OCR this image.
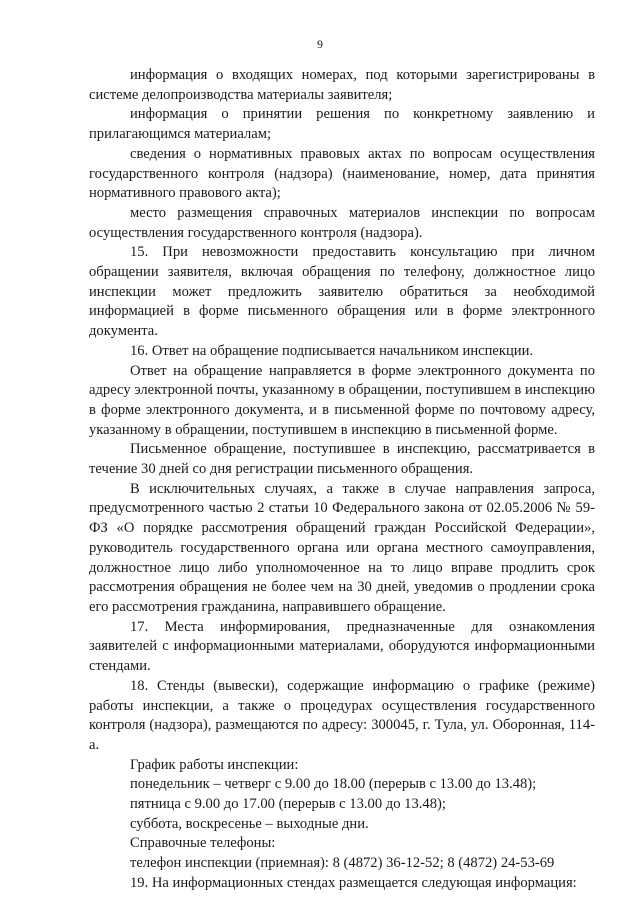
9

информация о входящих номерах, под которыми зарегистрированы в системе делопроизводства материалы заявителя;

информация о принятии решения по конкретному заявлению и прилагающимся материалам;

сведения о нормативных правовых актах по вопросам осуществления государственного контроля (надзора) (наименование, номер, дата принятия нормативного правового акта);

место размещения справочных материалов инспекции по вопросам осуществления государственного контроля (надзора).

15. При невозможности предоставить консультацию при личном обращении заявителя, включая обращения по телефону, должностное лицо инспекции может предложить заявителю обратиться за необходимой информацией в форме письменного обращения или в форме электронного документа.

16. Ответ на обращение подписывается начальником инспекции.

Ответ на обращение направляется в форме электронного документа по адресу электронной почты, указанному в обращении, поступившем в инспекцию в форме электронного документа, и в письменной форме по почтовому адресу, указанному в обращении, поступившем в инспекцию в письменной форме.

Письменное обращение, поступившее в инспекцию, рассматривается в течение 30 дней со дня регистрации письменного обращения.

В исключительных случаях, а также в случае направления запроса, предусмотренного частью 2 статьи 10 Федерального закона от 02.05.2006 № 59-ФЗ «О порядке рассмотрения обращений граждан Российской Федерации», руководитель государственного органа или органа местного самоуправления, должностное лицо либо уполномоченное на то лицо вправе продлить срок рассмотрения обращения не более чем на 30 дней, уведомив о продлении срока его рассмотрения гражданина, направившего обращение.

17. Места информирования, предназначенные для ознакомления заявителей с информационными материалами, оборудуются информационными стендами.

18. Стенды (вывески), содержащие информацию о графике (режиме) работы инспекции, а также о процедурах осуществления государственного контроля (надзора), размещаются по адресу: 300045, г. Тула, ул. Оборонная, 114-а.

График работы инспекции:

понедельник – четверг с 9.00 до 18.00 (перерыв с 13.00 до 13.48);

пятница с 9.00 до 17.00 (перерыв с 13.00 до 13.48);

суббота, воскресенье – выходные дни.

Справочные телефоны:

телефон инспекции (приемная): 8 (4872) 36-12-52; 8 (4872) 24-53-69

19. На информационных стендах размещается следующая информация:
